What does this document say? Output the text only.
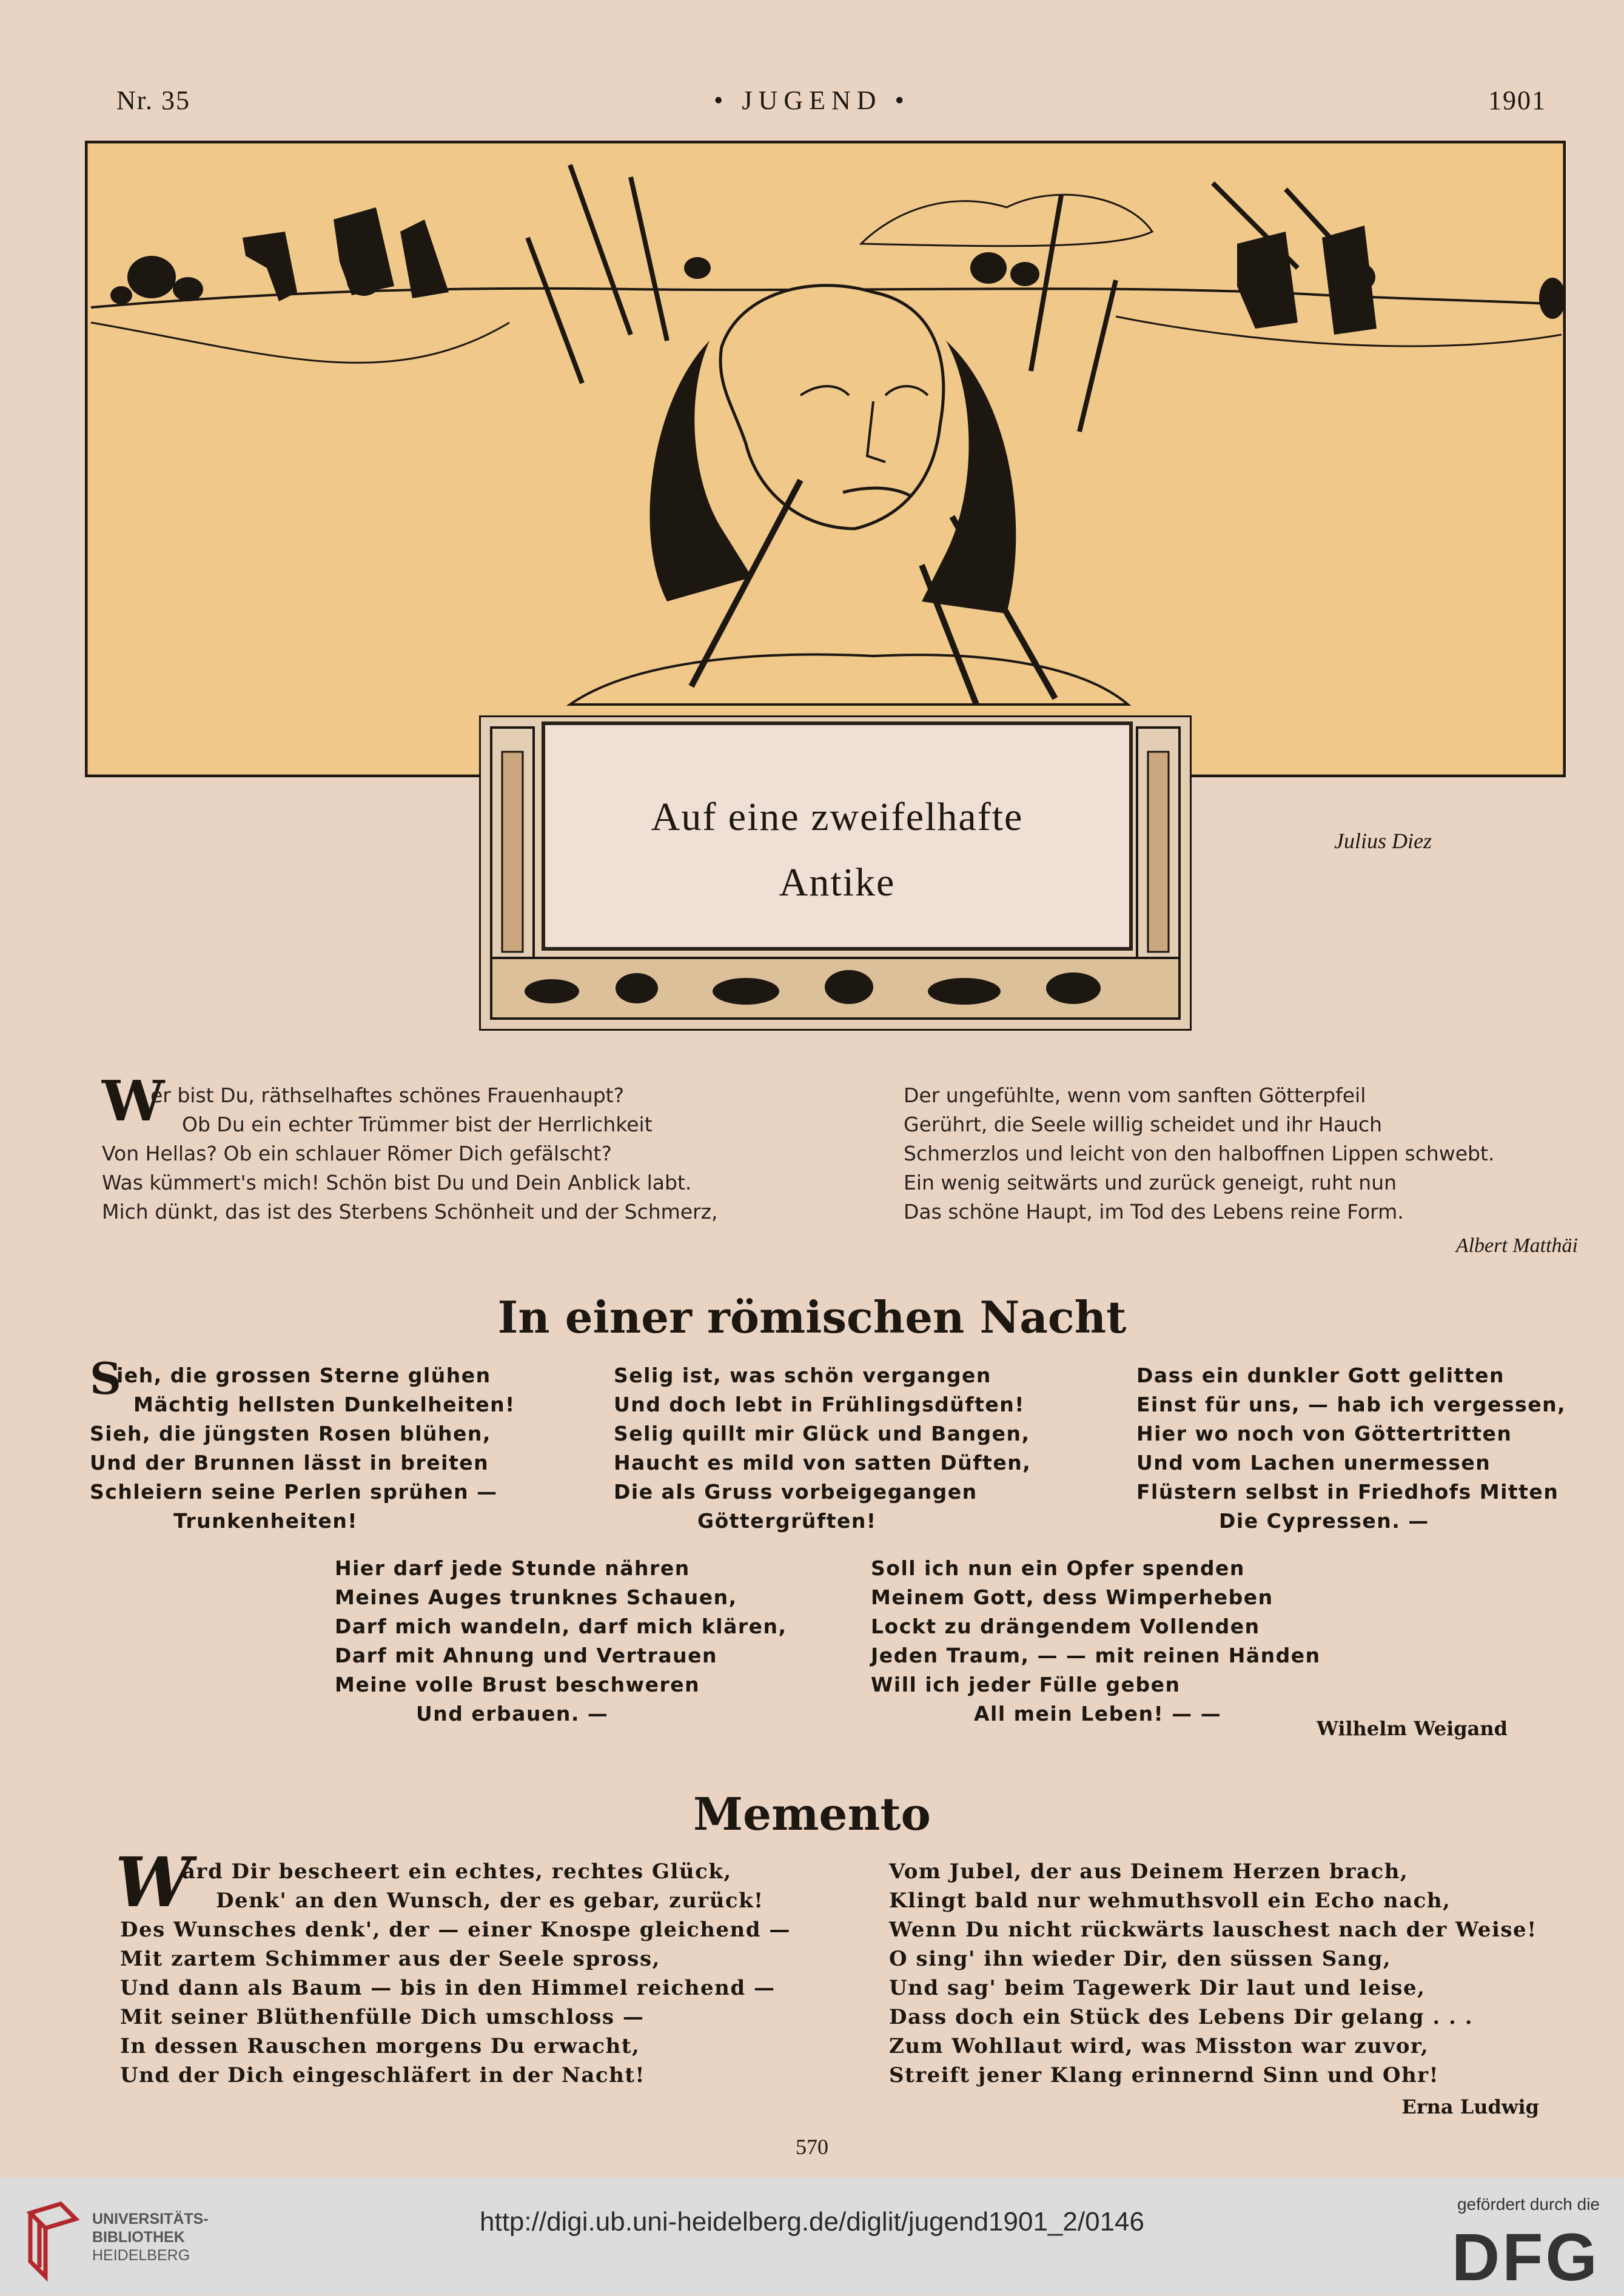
Nr. 35	• JUGEND •	1901
Auf eine zweifelhafte
Antike
Julius Diez
W
er bist Du, räthselhaftes schönes Frauenhaupt?
Ob Du ein echter Trümmer bist der Herrlichkeit
Von Hellas? Ob ein schlauer Römer Dich gefälscht?
Was kümmert's mich! Schön bist Du und Dein Anblick labt.
Mich dünkt, das ist des Sterbens Schönheit und der Schmerz,
Der ungefühlte, wenn vom sanften Götterpfeil
Gerührt, die Seele willig scheidet und ihr Hauch
Schmerzlos und leicht von den halboffnen Lippen schwebt.
Ein wenig seitwärts und zurück geneigt, ruht nun
Das schöne Haupt, im Tod des Lebens reine Form.
Albert Matthäi
In einer römischen Nacht
S
ieh, die grossen Sterne glühen
Mächtig hellsten Dunkelheiten!
Sieh, die jüngsten Rosen blühen,
Und der Brunnen lässt in breiten
Schleiern seine Perlen sprühen —
Trunkenheiten!
Selig ist, was schön vergangen
Und doch lebt in Frühlingsdüften!
Selig quillt mir Glück und Bangen,
Haucht es mild von satten Düften,
Die als Gruss vorbeigegangen
Göttergrüften!
Dass ein dunkler Gott gelitten
Einst für uns, — hab ich vergessen,
Hier wo noch von Göttertritten
Und vom Lachen unermessen
Flüstern selbst in Friedhofs Mitten
Die Cypressen. —
Hier darf jede Stunde nähren
Meines Auges trunknes Schauen,
Darf mich wandeln, darf mich klären,
Darf mit Ahnung und Vertrauen
Meine volle Brust beschweren
Und erbauen. —
Soll ich nun ein Opfer spenden
Meinem Gott, dess Wimperheben
Lockt zu drängendem Vollenden
Jeden Traum, — — mit reinen Händen
Will ich jeder Fülle geben
All mein Leben! — —
Wilhelm Weigand
Memento
W
ard Dir bescheert ein echtes, rechtes Glück,
Denk' an den Wunsch, der es gebar, zurück!
Des Wunsches denk', der — einer Knospe gleichend —
Mit zartem Schimmer aus der Seele spross,
Und dann als Baum — bis in den Himmel reichend —
Mit seiner Blüthenfülle Dich umschloss —
In dessen Rauschen morgens Du erwacht,
Und der Dich eingeschläfert in der Nacht!
Vom Jubel, der aus Deinem Herzen brach,
Klingt bald nur wehmuthsvoll ein Echo nach,
Wenn Du nicht rückwärts lauschest nach der Weise!
O sing' ihn wieder Dir, den süssen Sang,
Und sag' beim Tagewerk Dir laut und leise,
Dass doch ein Stück des Lebens Dir gelang . . .
Zum Wohllaut wird, was Misston war zuvor,
Streift jener Klang erinnernd Sinn und Ohr!
Erna Ludwig
570
UNIVERSITÄTS-
BIBLIOTHEK
HEIDELBERG
http://digi.ub.uni-heidelberg.de/diglit/jugend1901_2/0146
gefördert durch die
DFG
